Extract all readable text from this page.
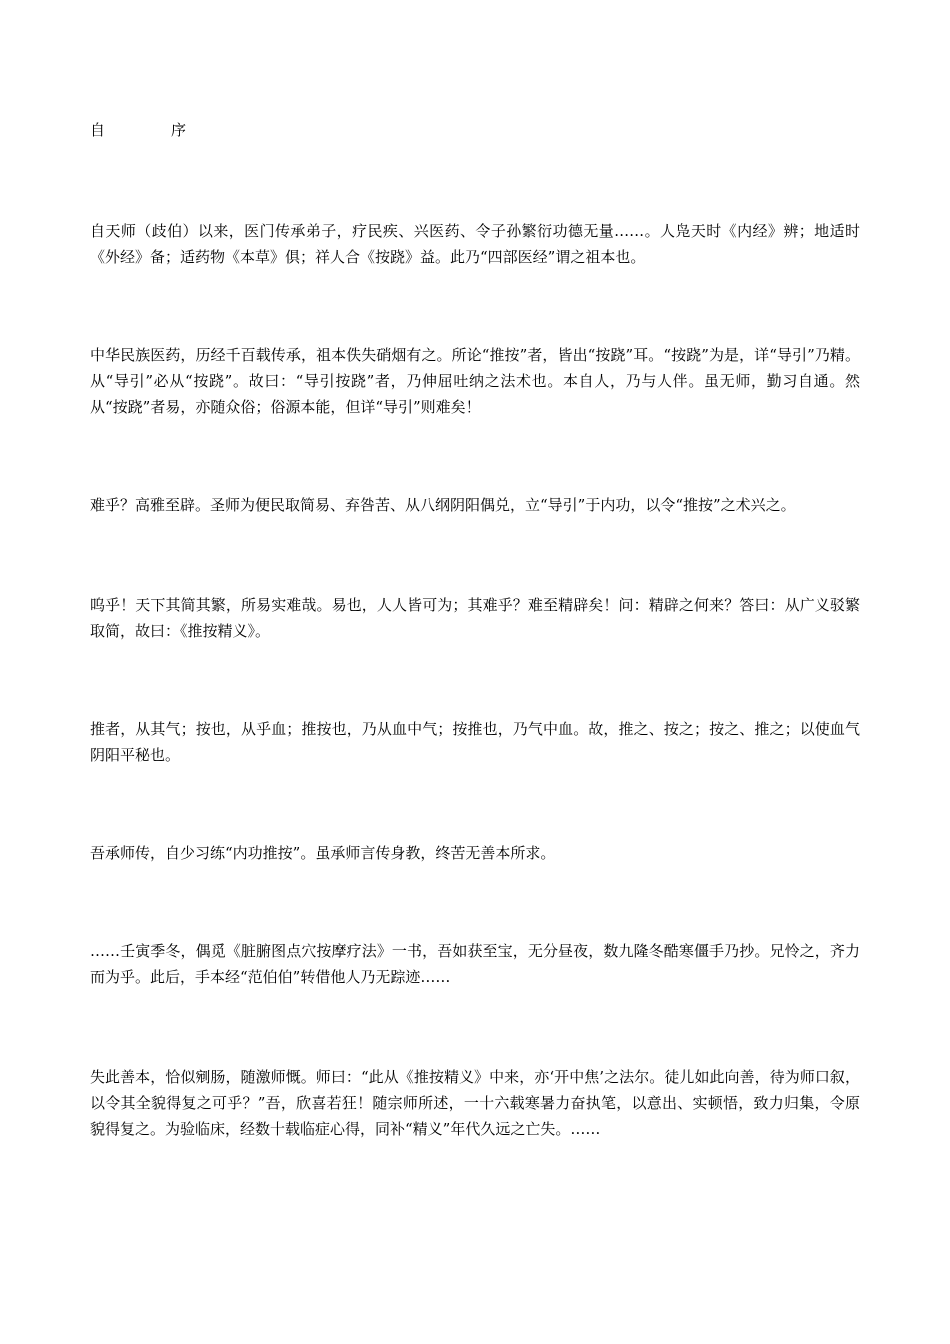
自	序

自天师（歧伯）以来，医门传承弟子，疗民疾、兴医药、令子孙繁衍功德无量……。人凫天时《内经》辨；地适时《外经》备；适药物《本草》俱；祥人合《按跷》益。此乃“四部医经”谓之祖本也。

中华民族医药，历经千百载传承，祖本佚失硝烟有之。所论“推按”者，皆出“按跷”耳。“按跷”为是，详“导引”乃精。从“导引”必从“按跷”。故曰：“导引按跷”者，乃伸屈吐纳之法术也。本自人，乃与人伴。虽无师，勤习自通。然从“按跷”者易，亦随众俗；俗源本能，但详“导引”则难矣！

难乎？高雅至辟。圣师为便民取简易、弃咎苦、从八纲阴阳偶兑，立“导引”于内功，以令“推按”之术兴之。

呜乎！天下其简其繁，所易实难哉。易也，人人皆可为；其难乎？难至精辟矣！问：精辟之何来？答曰：从广义驳繁取简，故曰：《推按精义》。

推者，从其气；按也，从乎血；推按也，乃从血中气；按推也，乃气中血。故，推之、按之；按之、推之；以使血气阴阳平秘也。

吾承师传，自少习练“内功推按”。虽承师言传身教，终苦无善本所求。

……壬寅季冬，偶觅《脏腑图点穴按摩疗法》一书，吾如获至宝，无分昼夜，数九隆冬酷寒僵手乃抄。兄怜之，齐力而为乎。此后，手本经“范伯伯”转借他人乃无踪迹……

失此善本，恰似剜肠，随激师慨。师曰：“此从《推按精义》中来，亦‘开中焦’之法尔。徒儿如此向善，待为师口叙，以令其全貌得复之可乎？”吾，欣喜若狂！随宗师所述，一十六载寒暑力奋执笔，以意出、实顿悟，致力归集，令原貌得复之。为验临床，经数十载临症心得，同补“精义”年代久远之亡失。……
